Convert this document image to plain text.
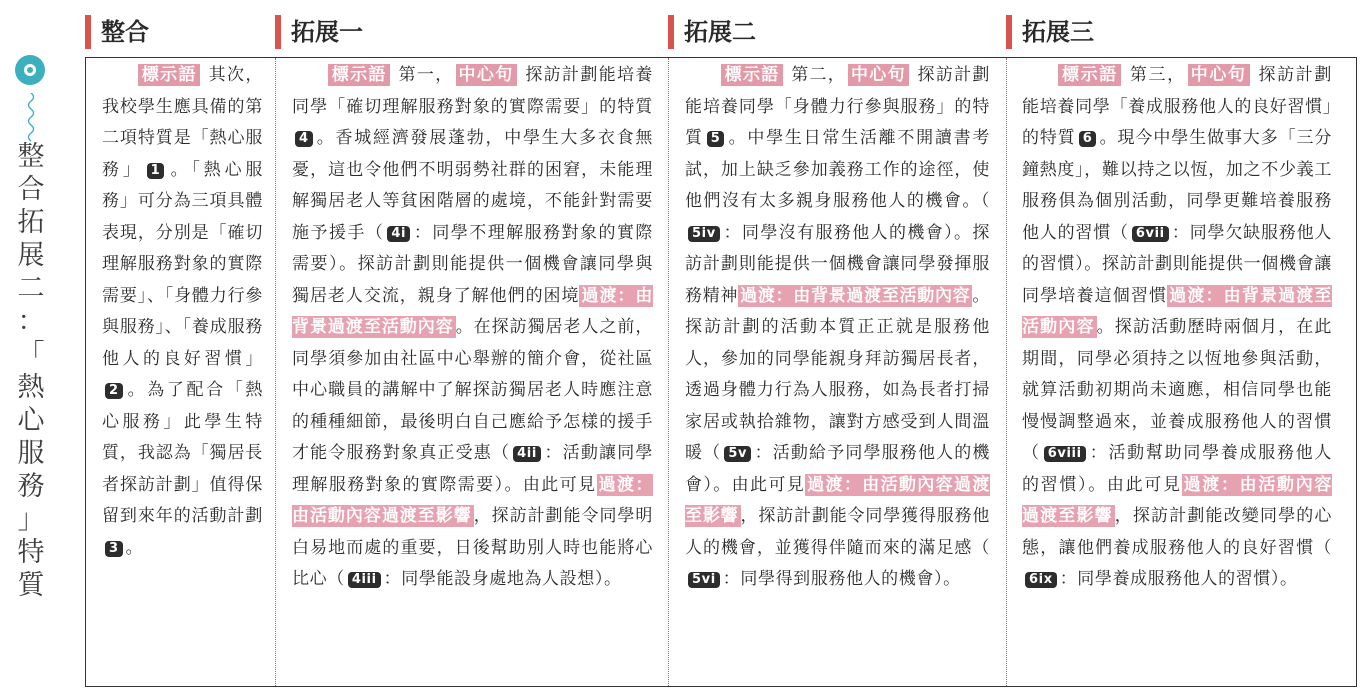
整
合
拓
展
二
：
「
熱
心
服
務
」
特
質
整合	拓展一	拓展二	拓展三

標示語 其次，我校學生應具備的第二項特質是「熱心服務」 1 。「熱心服務」可分為三項具體表現，分別是「確切理解服務對象的實際需要」、「身體力行參與服務」、「養成服務他人的良好習慣」2 。為了配合「熱心服務」此學生特質，我認為「獨居長者探訪計劃」值得保留到來年的活動計劃3 。

標示語 第一， 中心句 探訪計劃能培養同學「確切理解服務對象的實際需要」的特質4 。香城經濟發展蓬勃，中學生大多衣食無憂，這也令他們不明弱勢社群的困窘，未能理解獨居老人等貧困階層的處境，不能針對需要施予援手（ 4i ：同學不理解服務對象的實際需要）。探訪計劃則能提供一個機會讓同學與獨居老人交流，親身了解他們的困境 過渡：由背景過渡至活動內容 。在探訪獨居老人之前，同學須參加由社區中心舉辦的簡介會，從社區中心職員的講解中了解探訪獨居老人時應注意的種種細節，最後明白自己應給予怎樣的援手才能令服務對象真正受惠（ 4ii ：活動讓同學理解服務對象的實際需要）。由此可見 過渡：由活動內容過渡至影響 ，探訪計劃能令同學明白易地而處的重要，日後幫助別人時也能將心比心（ 4iii ：同學能設身處地為人設想）。

標示語 第二， 中心句 探訪計劃能培養同學「身體力行參與服務」的特質 5 。中學生日常生活離不開讀書考試，加上缺乏參加義務工作的途徑，使他們沒有太多親身服務他人的機會。（5iv ：同學沒有服務他人的機會）。探訪計劃則能提供一個機會讓同學發揮服務精神 過渡：由背景過渡至活動內容 。探訪計劃的活動本質正正就是服務他人，參加的同學能親身拜訪獨居長者，透過身體力行為人服務，如為長者打掃家居或執拾雜物，讓對方感受到人間溫暖（ 5v ：活動給予同學服務他人的機會）。由此可見 過渡：由活動內容過渡至影響 ，探訪計劃能令同學獲得服務他人的機會，並獲得伴隨而來的滿足感（5vi ：同學得到服務他人的機會）。

標示語 第三， 中心句 探訪計劃能培養同學「養成服務他人的良好習慣」的特質 6 。現今中學生做事大多「三分鐘熱度」，難以持之以恆，加之不少義工服務俱為個別活動，同學更難培養服務他人的習慣（ 6vii ：同學欠缺服務他人的習慣）。探訪計劃則能提供一個機會讓同學培養這個習慣 過渡：由背景過渡至活動內容 。探訪活動歷時兩個月，在此期間，同學必須持之以恆地參與活動，就算活動初期尚未適應，相信同學也能慢慢調整過來，並養成服務他人的習慣（ 6viii ：活動幫助同學養成服務他人的習慣）。由此可見 過渡：由活動內容過渡至影響 ，探訪計劃能改變同學的心態，讓他們養成服務他人的良好習慣（6ix ：同學養成服務他人的習慣）。
